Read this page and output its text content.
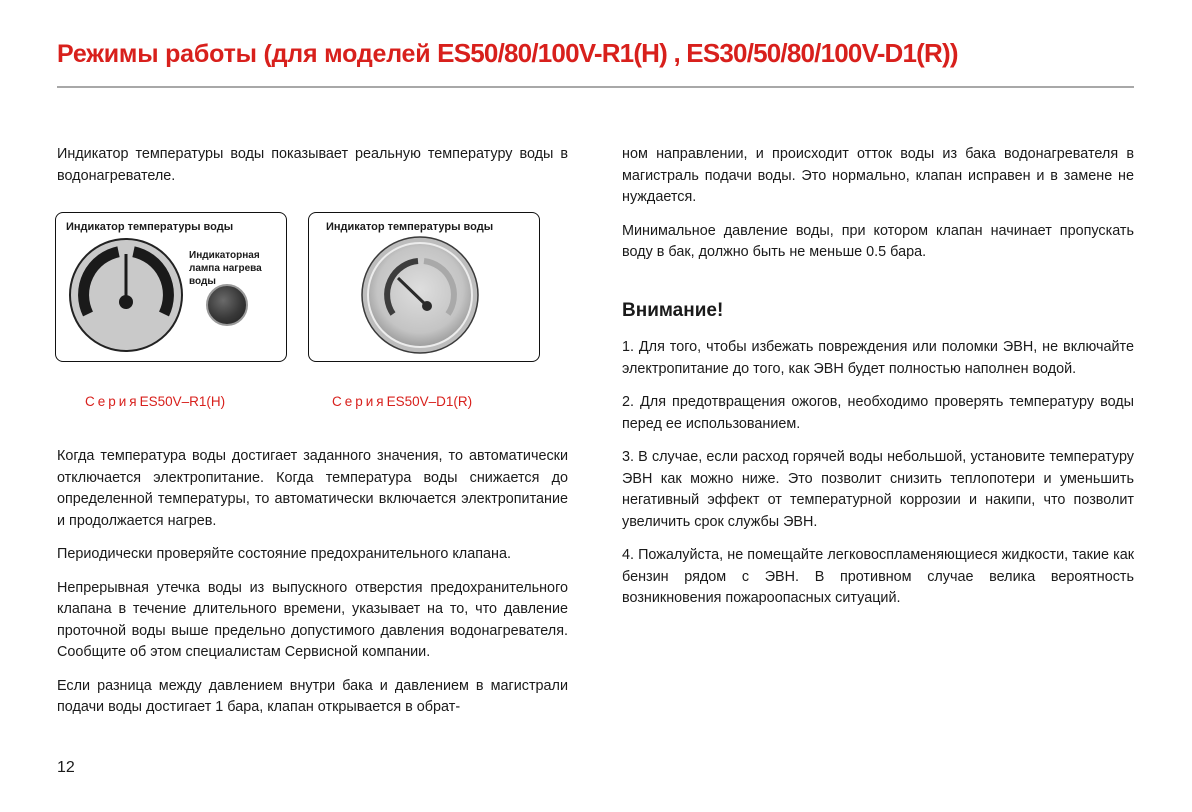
Режимы работы (для моделей ES50/80/100V-R1(H) , ES30/50/80/100V-D1(R))

Индикатор температуры воды показывает реальную температуру воды в водонагревателе.

Индикатор температуры воды
Индикаторная лампа нагрева воды
Индикатор температуры воды
СерияES50V–R1(H)	СерияES50V–D1(R)

Когда температура воды достигает заданного значения, то автоматически отключается электропитание. Когда температура воды снижается до определенной температуры, то автоматически включается электропитание и продолжается нагрев.

Периодически проверяйте состояние предохранительного клапана.

Непрерывная утечка воды из выпускного отверстия предохранительного клапана в течение длительного времени, указывает на то, что давление проточной воды выше предельно допустимого давления водонагревателя. Сообщите об этом специалистам Сервисной компании.

Если разница между давлением внутри бака и давлением в магистрали подачи воды достигает 1 бара, клапан открывается в обрат-

ном направлении, и происходит отток воды из бака водонагревателя в магистраль подачи воды. Это нормально, клапан исправен и в замене не нуждается.

Минимальное давление воды, при котором клапан начинает пропускать воду в бак, должно быть не меньше 0.5 бара.

Внимание!

1. Для того, чтобы избежать повреждения или поломки ЭВН, не включайте электропитание до того, как ЭВН будет полностью наполнен водой.

2. Для предотвращения ожогов, необходимо проверять температуру воды перед ее использованием.

3. В случае, если расход горячей воды небольшой, установите температуру ЭВН как можно ниже. Это позволит снизить теплопотери и уменьшить негативный эффект от температурной коррозии и накипи, что позволит увеличить срок службы ЭВН.

4. Пожалуйста, не помещайте легковоспламеняющиеся жидкости, такие как бензин рядом с ЭВН. В противном случае велика вероятность возникновения пожароопасных ситуаций.

12
